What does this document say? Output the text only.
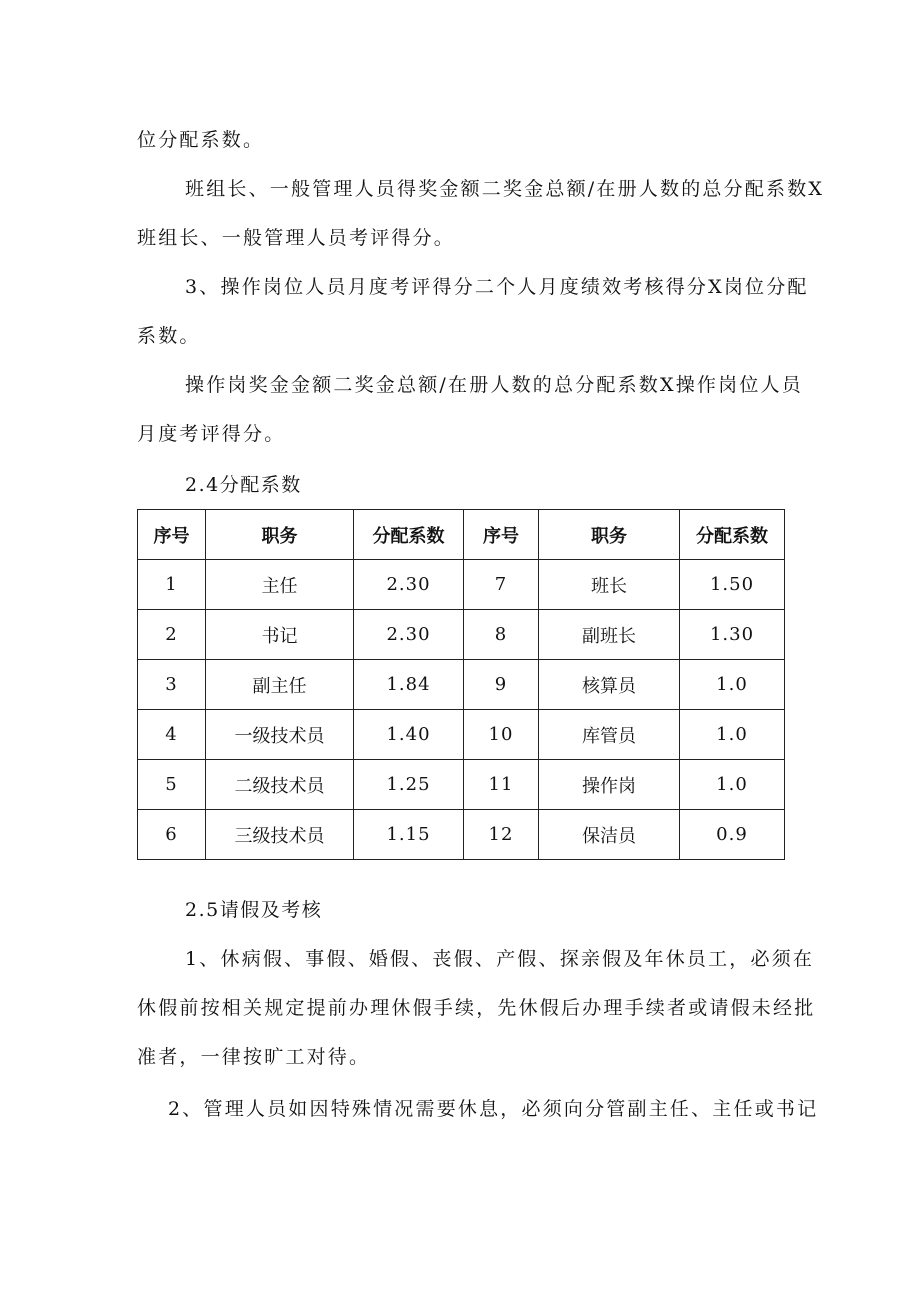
位分配系数。

班组长、一般管理人员得奖金额二奖金总额/在册人数的总分配系数X

班组长、一般管理人员考评得分。

3、操作岗位人员月度考评得分二个人月度绩效考核得分X岗位分配

系数。

操作岗奖金金额二奖金总额/在册人数的总分配系数X操作岗位人员

月度考评得分。

2.4分配系数

序号	职务	分配系数	序号	职务	分配系数
1	主任	2.30	7	班长	1.50
2	书记	2.30	8	副班长	1.30
3	副主任	1.84	9	核算员	1.0
4	一级技术员	1.40	10	库管员	1.0
5	二级技术员	1.25	11	操作岗	1.0
6	三级技术员	1.15	12	保洁员	0.9

2.5请假及考核

1、休病假、事假、婚假、丧假、产假、探亲假及年休员工，必须在

休假前按相关规定提前办理休假手续，先休假后办理手续者或请假未经批

准者，一律按旷工对待。

2、管理人员如因特殊情况需要休息，必须向分管副主任、主任或书记
